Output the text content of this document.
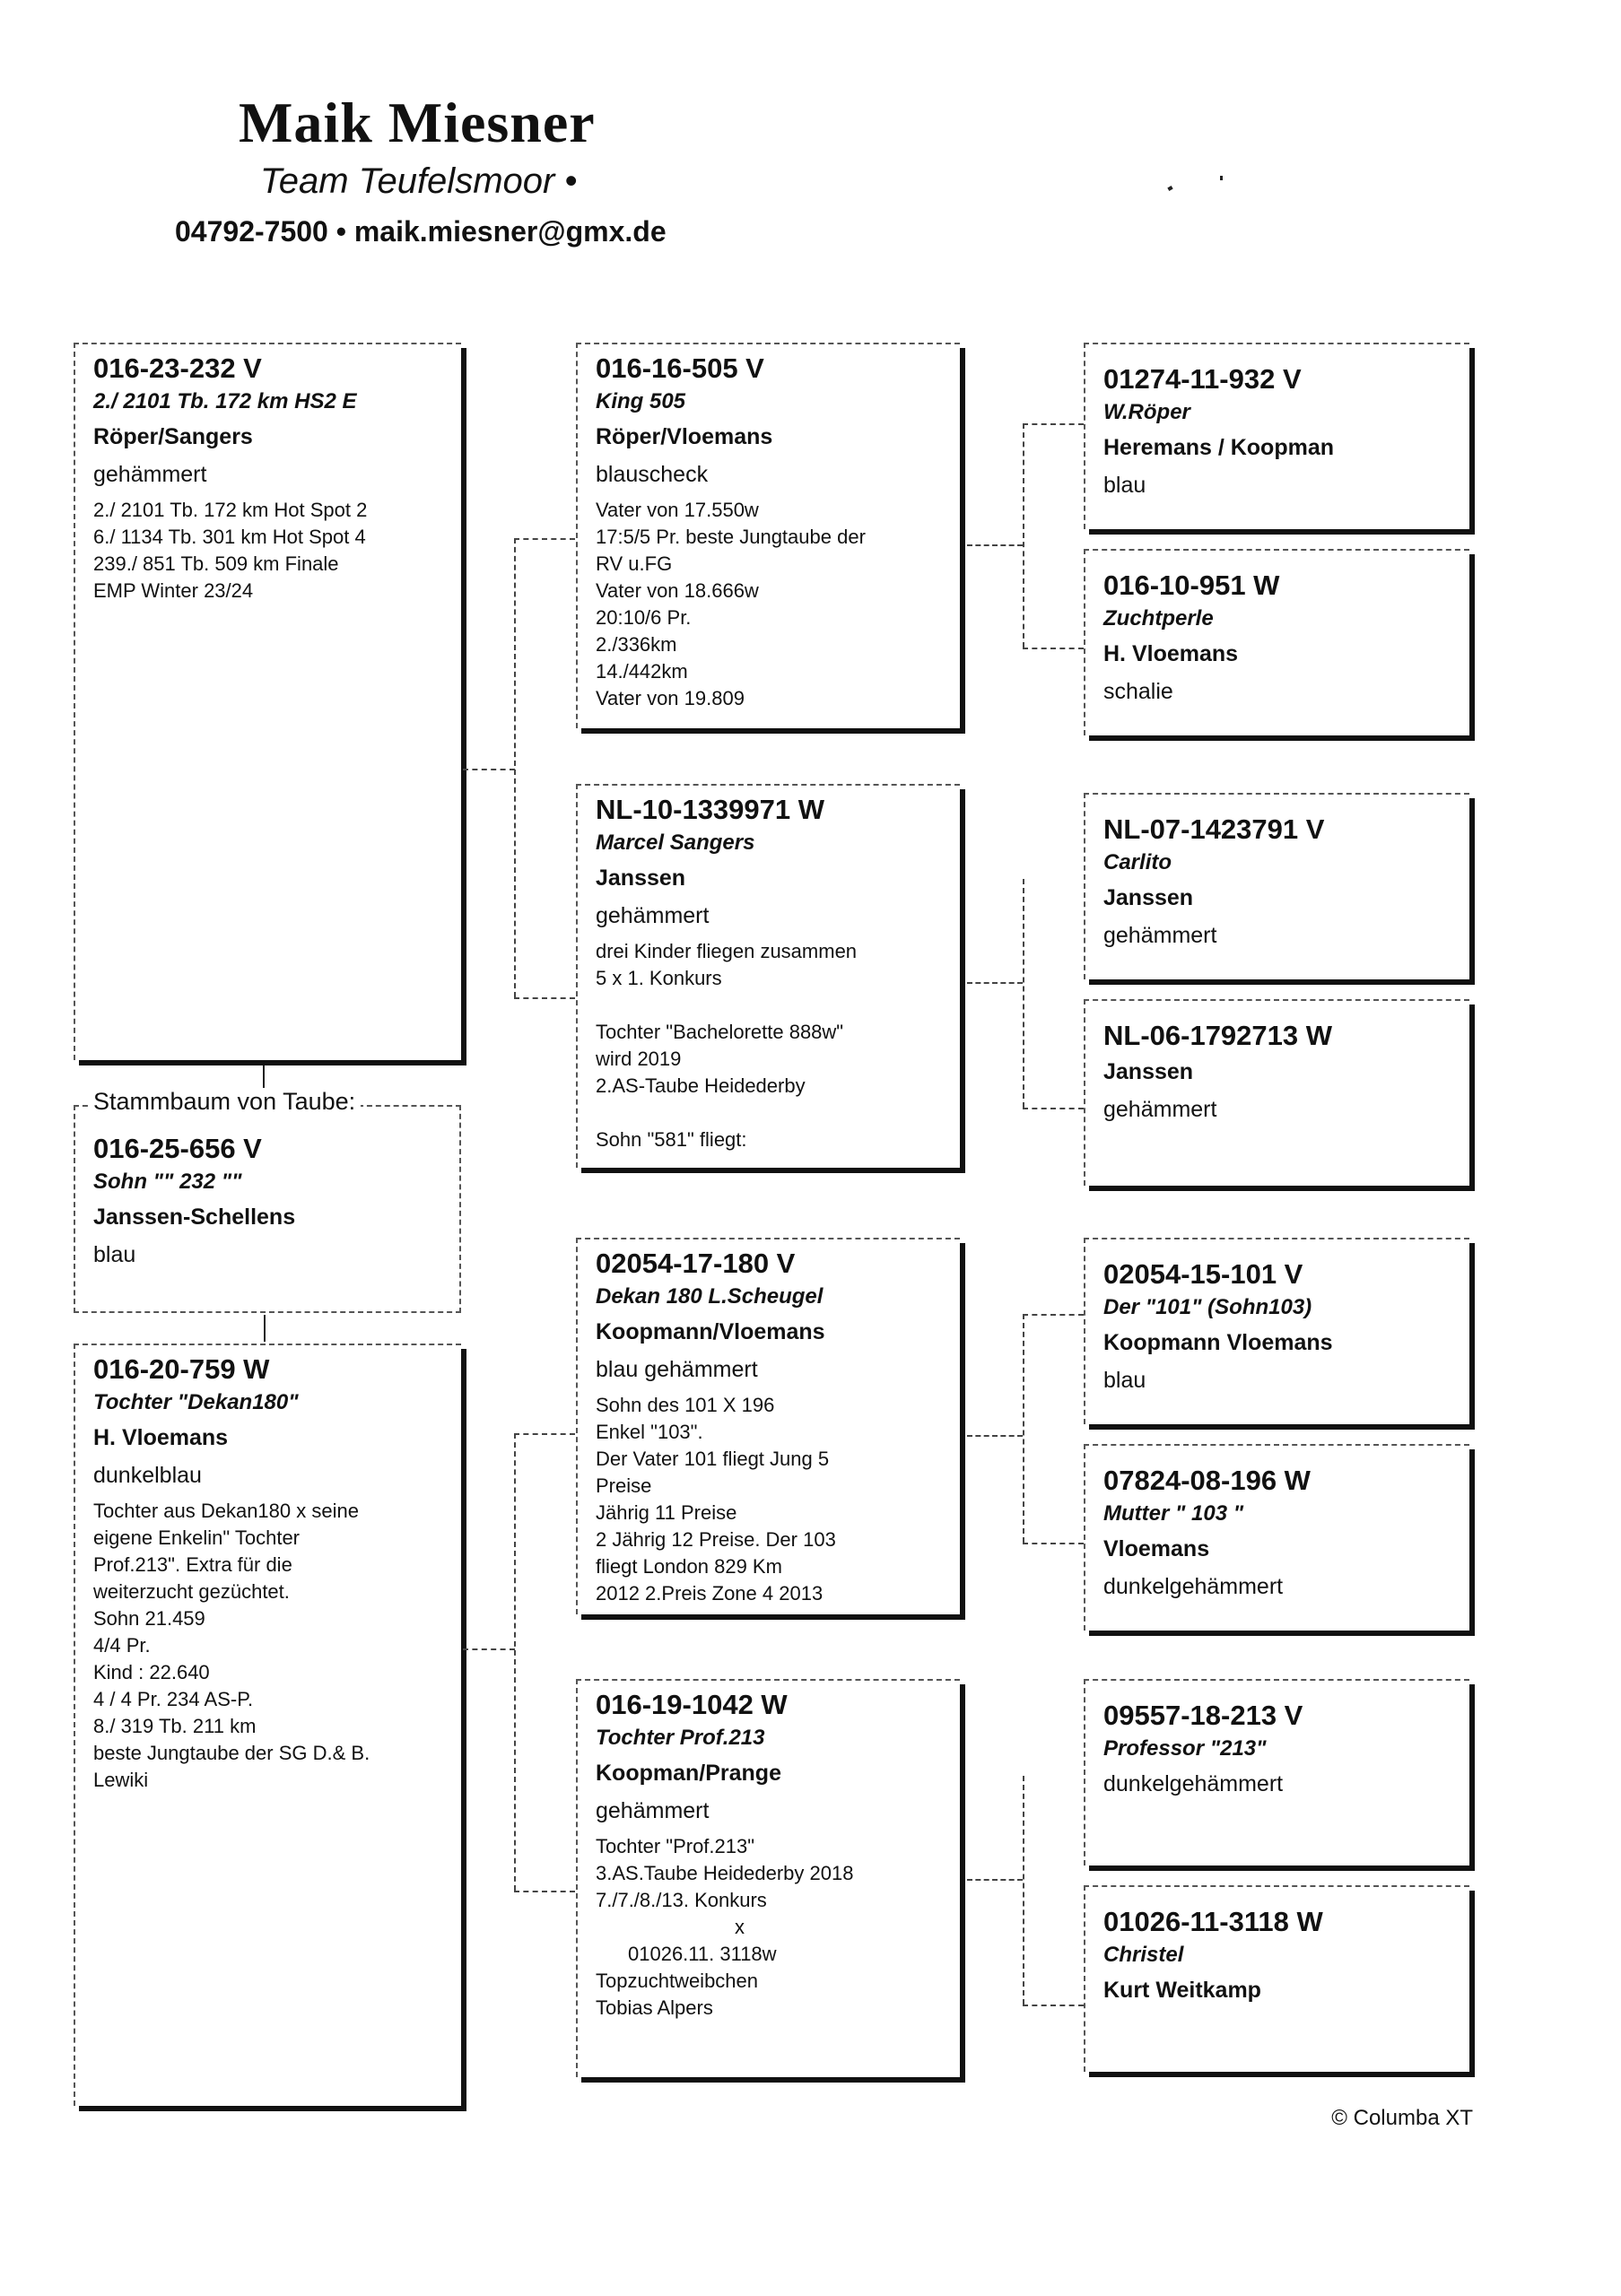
Maik Miesner
Team Teufelsmoor •
04792-7500 • maik.miesner@gmx.de
016-23-232 V
2./ 2101 Tb. 172 km HS2 E
Röper/Sangers
gehämmert
2./ 2101 Tb. 172 km Hot Spot 2
6./ 1134 Tb. 301 km Hot Spot 4
239./ 851 Tb. 509 km Finale
EMP Winter 23/24
016-25-656 V
Sohn "" 232 ""
Janssen-Schellens
blau
Stammbaum von Taube:
016-20-759 W
Tochter "Dekan180"
H. Vloemans
dunkelblau
Tochter aus Dekan180 x seine
eigene Enkelin" Tochter
Prof.213". Extra für die
weiterzucht gezüchtet.
Sohn 21.459
4/4 Pr.
Kind : 22.640
4 / 4 Pr. 234 AS-P.
8./ 319 Tb. 211 km
beste Jungtaube der SG D.& B.
Lewiki
016-16-505 V
King 505
Röper/Vloemans
blauscheck
Vater von 17.550w
17:5/5 Pr. beste Jungtaube der
RV u.FG
Vater von 18.666w
20:10/6 Pr.
2./336km
14./442km
Vater von 19.809
NL-10-1339971 W
Marcel Sangers
Janssen
gehämmert
drei Kinder fliegen zusammen
5 x 1. Konkurs
Tochter "Bachelorette 888w"
wird 2019
2.AS-Taube Heidederby
Sohn "581" fliegt:
02054-17-180 V
Dekan 180 L.Scheugel
Koopmann/Vloemans
blau gehämmert
Sohn des 101 X 196
Enkel "103".
Der Vater 101 fliegt Jung 5
Preise
Jährig 11 Preise
2 Jährig 12 Preise. Der 103
fliegt London 829 Km
2012 2.Preis Zone 4 2013
016-19-1042 W
Tochter Prof.213
Koopman/Prange
gehämmert
Tochter "Prof.213"
3.AS.Taube Heidederby 2018
7./7./8./13. Konkurs
x
01026.11. 3118w
Topzuchtweibchen
Tobias Alpers
01274-11-932 V
W.Röper
Heremans / Koopman
blau
016-10-951 W
Zuchtperle
H. Vloemans
schalie
NL-07-1423791 V
Carlito
Janssen
gehämmert
NL-06-1792713 W
Janssen
gehämmert
02054-15-101 V
Der "101" (Sohn103)
Koopmann Vloemans
blau
07824-08-196 W
Mutter " 103 "
Vloemans
dunkelgehämmert
09557-18-213 V
Professor "213"
dunkelgehämmert
01026-11-3118 W
Christel
Kurt Weitkamp
© Columba XT
